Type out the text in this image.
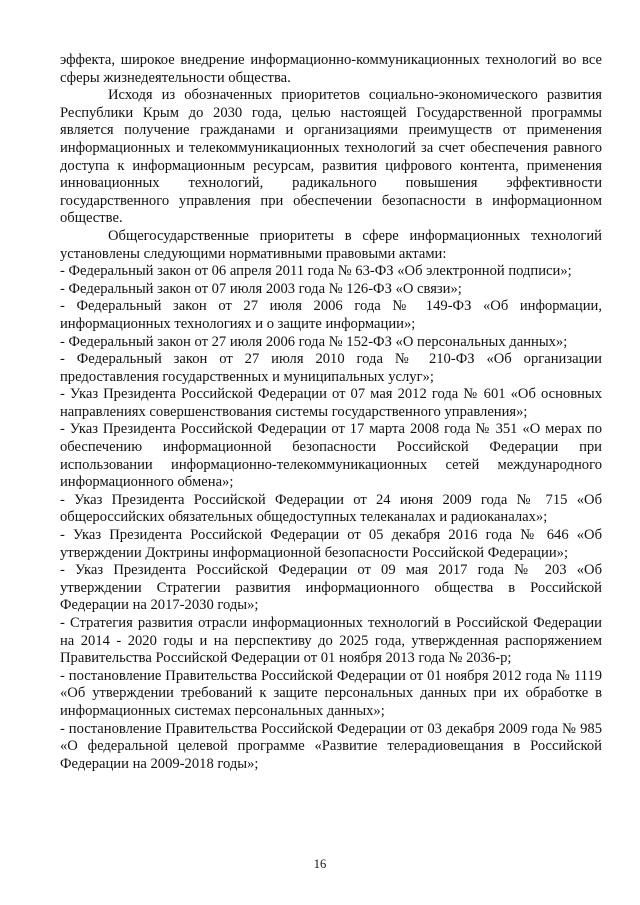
эффекта, широкое внедрение информационно-коммуникационных технологий во все сферы жизнедеятельности общества.

Исходя из обозначенных приоритетов социально-экономического развития Республики Крым до 2030 года, целью настоящей Государственной программы является получение гражданами и организациями преимуществ от применения информационных и телекоммуникационных технологий за счет обеспечения равного доступа к информационным ресурсам, развития цифрового контента, применения инновационных технологий, радикального повышения эффективности государственного управления при обеспечении безопасности в информационном обществе.

Общегосударственные приоритеты в сфере информационных технологий установлены следующими нормативными правовыми актами:

- Федеральный закон от 06 апреля 2011 года № 63-ФЗ «Об электронной подписи»;
- Федеральный закон от 07 июля 2003 года № 126-ФЗ «О связи»;
- Федеральный закон от 27 июля 2006 года № 149-ФЗ «Об информации, информационных технологиях и о защите информации»;
- Федеральный закон от 27 июля 2006 года № 152-ФЗ «О персональных данных»;
- Федеральный закон от 27 июля 2010 года № 210-ФЗ «Об организации предоставления государственных и муниципальных услуг»;
- Указ Президента Российской Федерации от 07 мая 2012 года № 601 «Об основных направлениях совершенствования системы государственного управления»;
- Указ Президента Российской Федерации от 17 марта 2008 года № 351 «О мерах по обеспечению информационной безопасности Российской Федерации при использовании информационно-телекоммуникационных сетей международного информационного обмена»;
- Указ Президента Российской Федерации от 24 июня 2009 года № 715 «Об общероссийских обязательных общедоступных телеканалах и радиоканалах»;
- Указ Президента Российской Федерации от 05 декабря 2016 года № 646 «Об утверждении Доктрины информационной безопасности Российской Федерации»;
- Указ Президента Российской Федерации от 09 мая 2017 года № 203 «Об утверждении Стратегии развития информационного общества в Российской Федерации на 2017-2030 годы»;
- Стратегия развития отрасли информационных технологий в Российской Федерации на 2014 - 2020 годы и на перспективу до 2025 года, утвержденная распоряжением Правительства Российской Федерации от 01 ноября 2013 года № 2036-р;
- постановление Правительства Российской Федерации от 01 ноября 2012 года № 1119 «Об утверждении требований к защите персональных данных при их обработке в информационных системах персональных данных»;
- постановление Правительства Российской Федерации от 03 декабря 2009 года № 985 «О федеральной целевой программе «Развитие телерадиовещания в Российской Федерации на 2009-2018 годы»;
16
